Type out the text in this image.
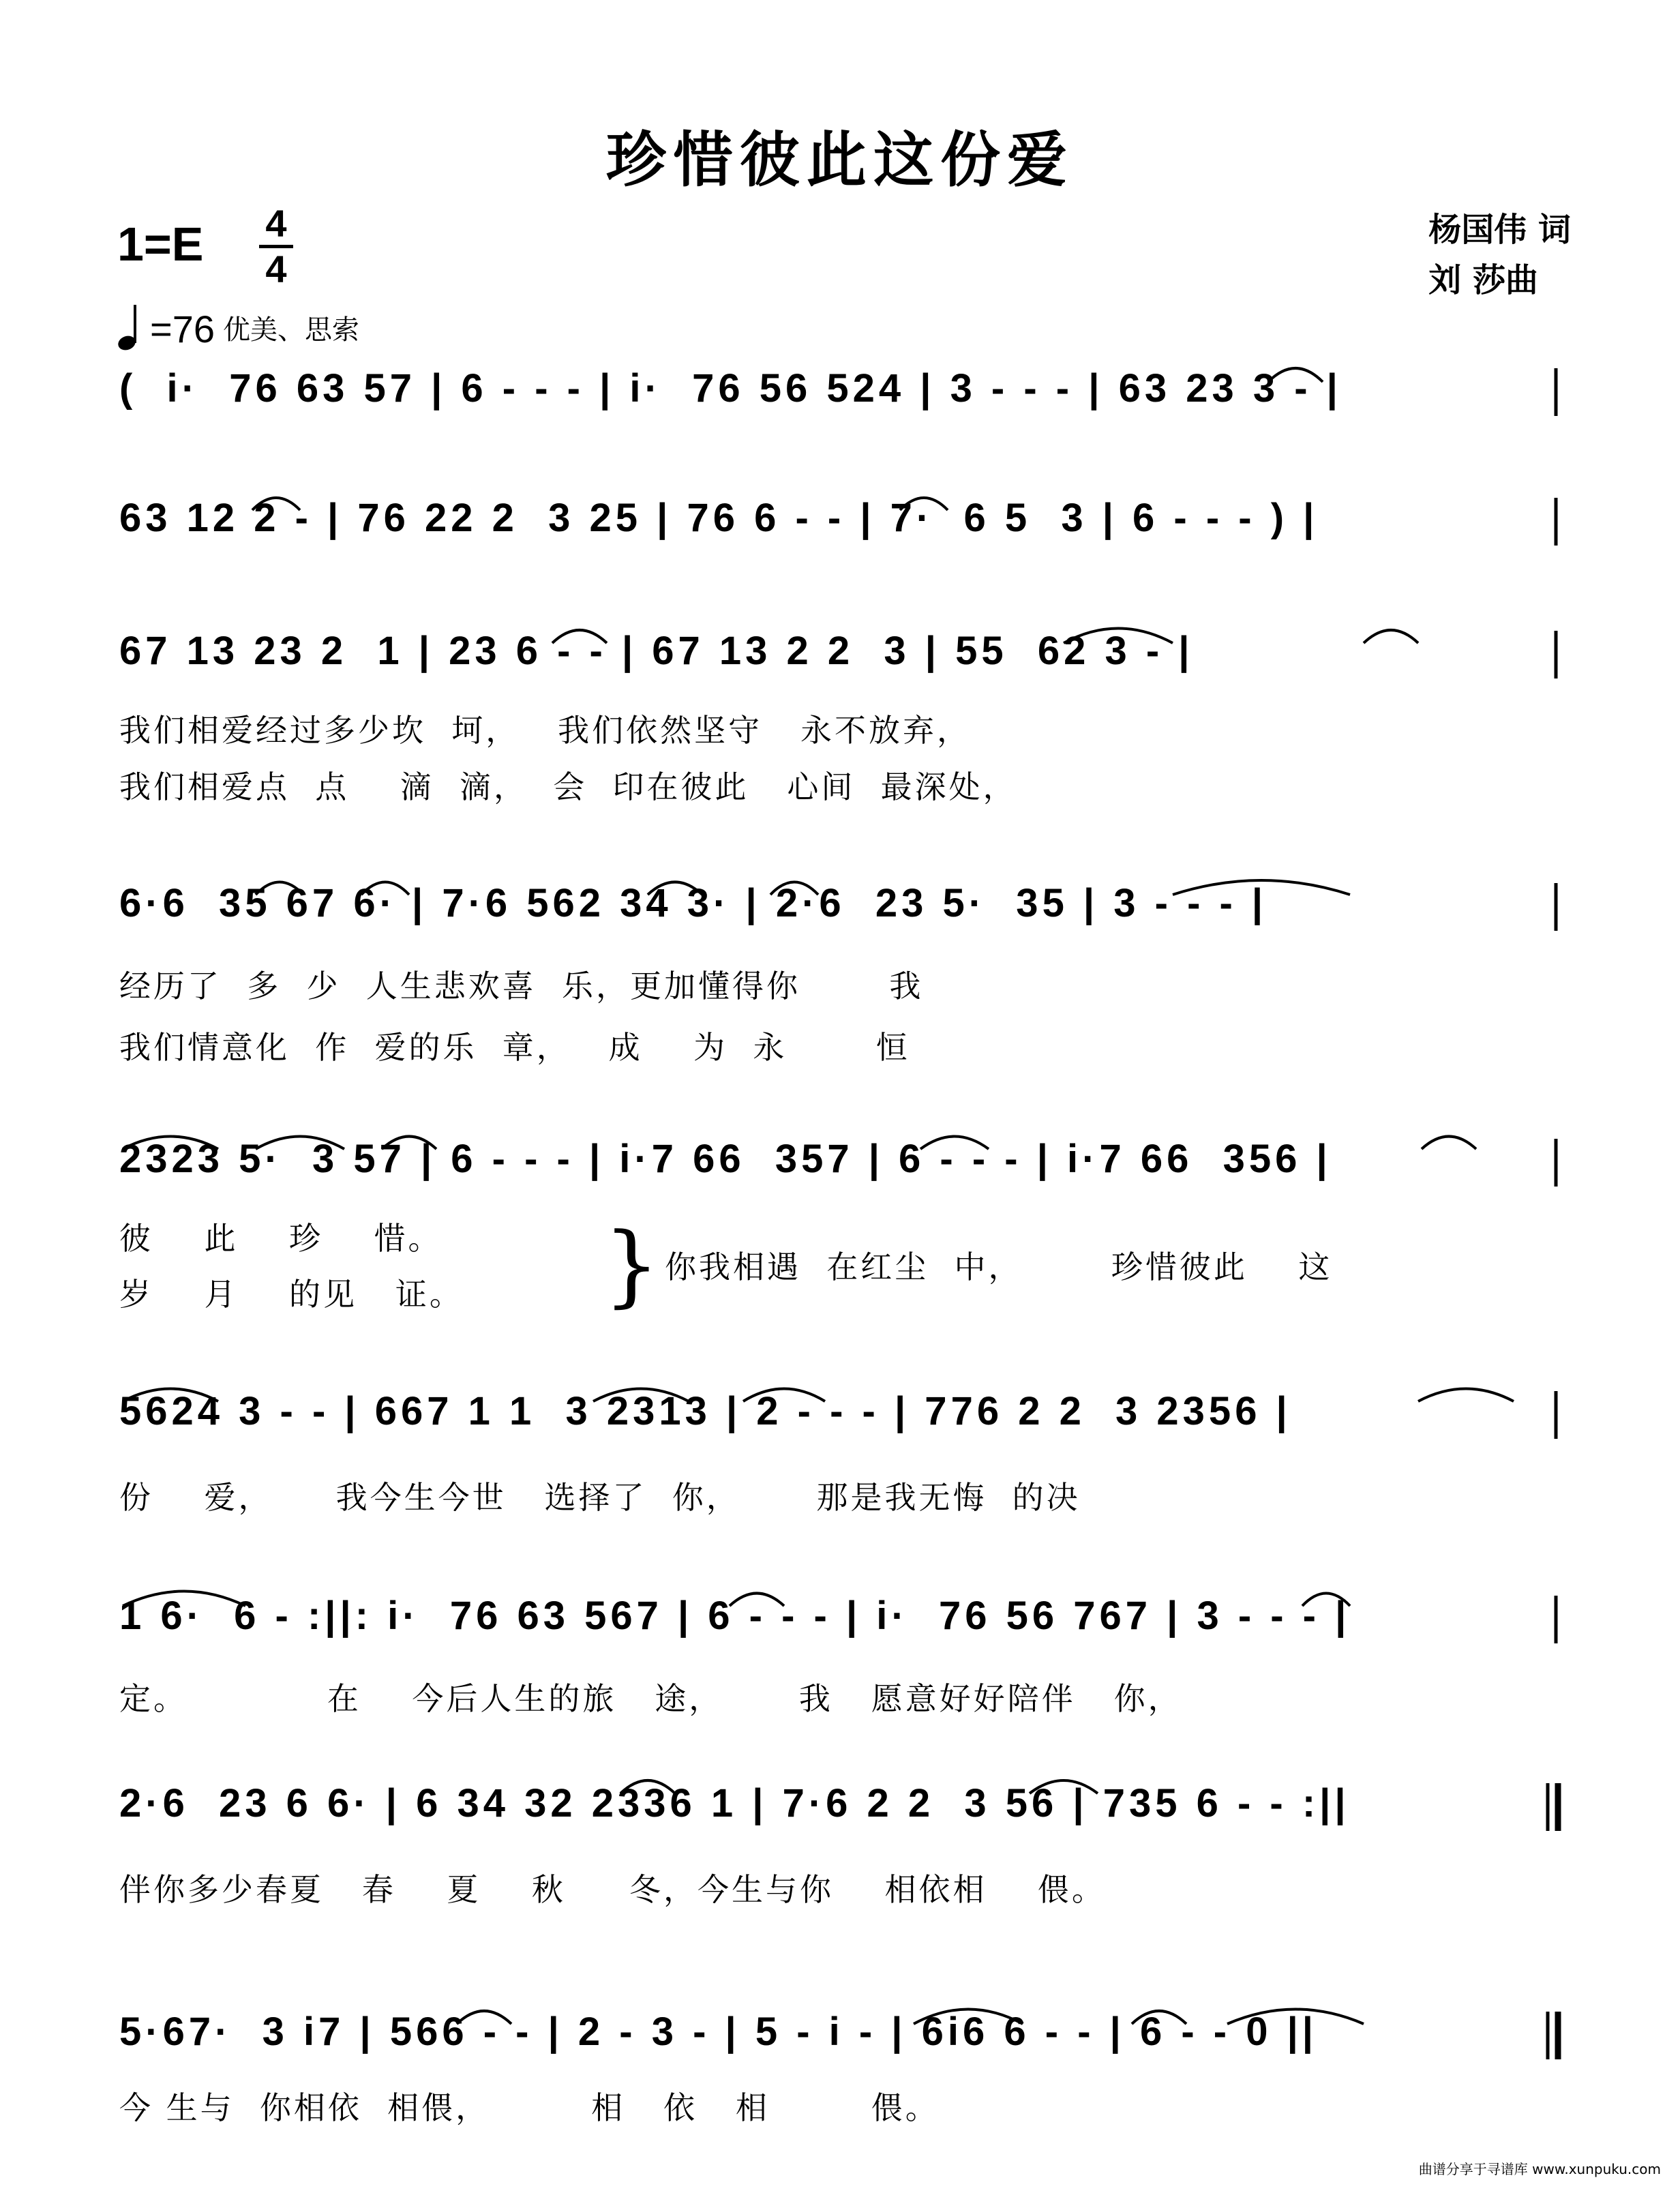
珍惜彼此这份爱
1=E 4
4
杨国伟 词
刘 莎曲
=76 优美、思索
(  i·  76 63 57 | 6 - - - | i·  76 56 524 | 3 - - - | 63 23 3 - |
63 12 2 - | 76 22 2  3 25 | 76 6 - - | 7·  6 5  3 | 6 - - - ) |
67 13 23 2  1 | 23 6 - - | 67 13 2 2  3 | 55  62 3 - |
我们相爱经过多少坎  坷，   我们依然坚守   永不放弃，
我们相爱点  点    滴  滴，  会  印在彼此   心间  最深处，
6·6  35 67 6· | 7·6 562 34 3· | 2·6  23 5·  35 | 3 - - - |
经历了  多  少  人生悲欢喜  乐，更加懂得你       我
我们情意化  作  爱的乐  章，   成    为  永       恒
2323 5·  3 57 | 6 - - - | i·7 66  357 | 6 - - - | i·7 66  356 |
彼    此    珍    惜。
岁    月    的见   证。 } 你我相遇  在红尘  中，       珍惜彼此    这
5624 3 - - | 667 1 1  3 2313 | 2 - - - | 776 2 2  3 2356 |
份    爱，     我今生今世   选择了  你，      那是我无悔  的决
1 6·  6 - :||: i·  76 63 567 | 6 - - - | i·  76 56 767 | 3 - - - |
定。           在    今后人生的旅   途，      我   愿意好好陪伴   你，
2·6  23 6 6· | 6 34 32 2336 1 | 7·6 2 2  3 56 | 735 6 - - :||
伴你多少春夏   春    夏    秋     冬，今生与你    相依相    偎。
5·67·  3 i7 | 566 - - | 2 - 3 - | 5 - i - | 6i6 6 - - | 6 - - 0 ||
今 生与  你相依  相偎，        相   依   相        偎。
曲谱分享于寻谱库 www.xunpuku.com
